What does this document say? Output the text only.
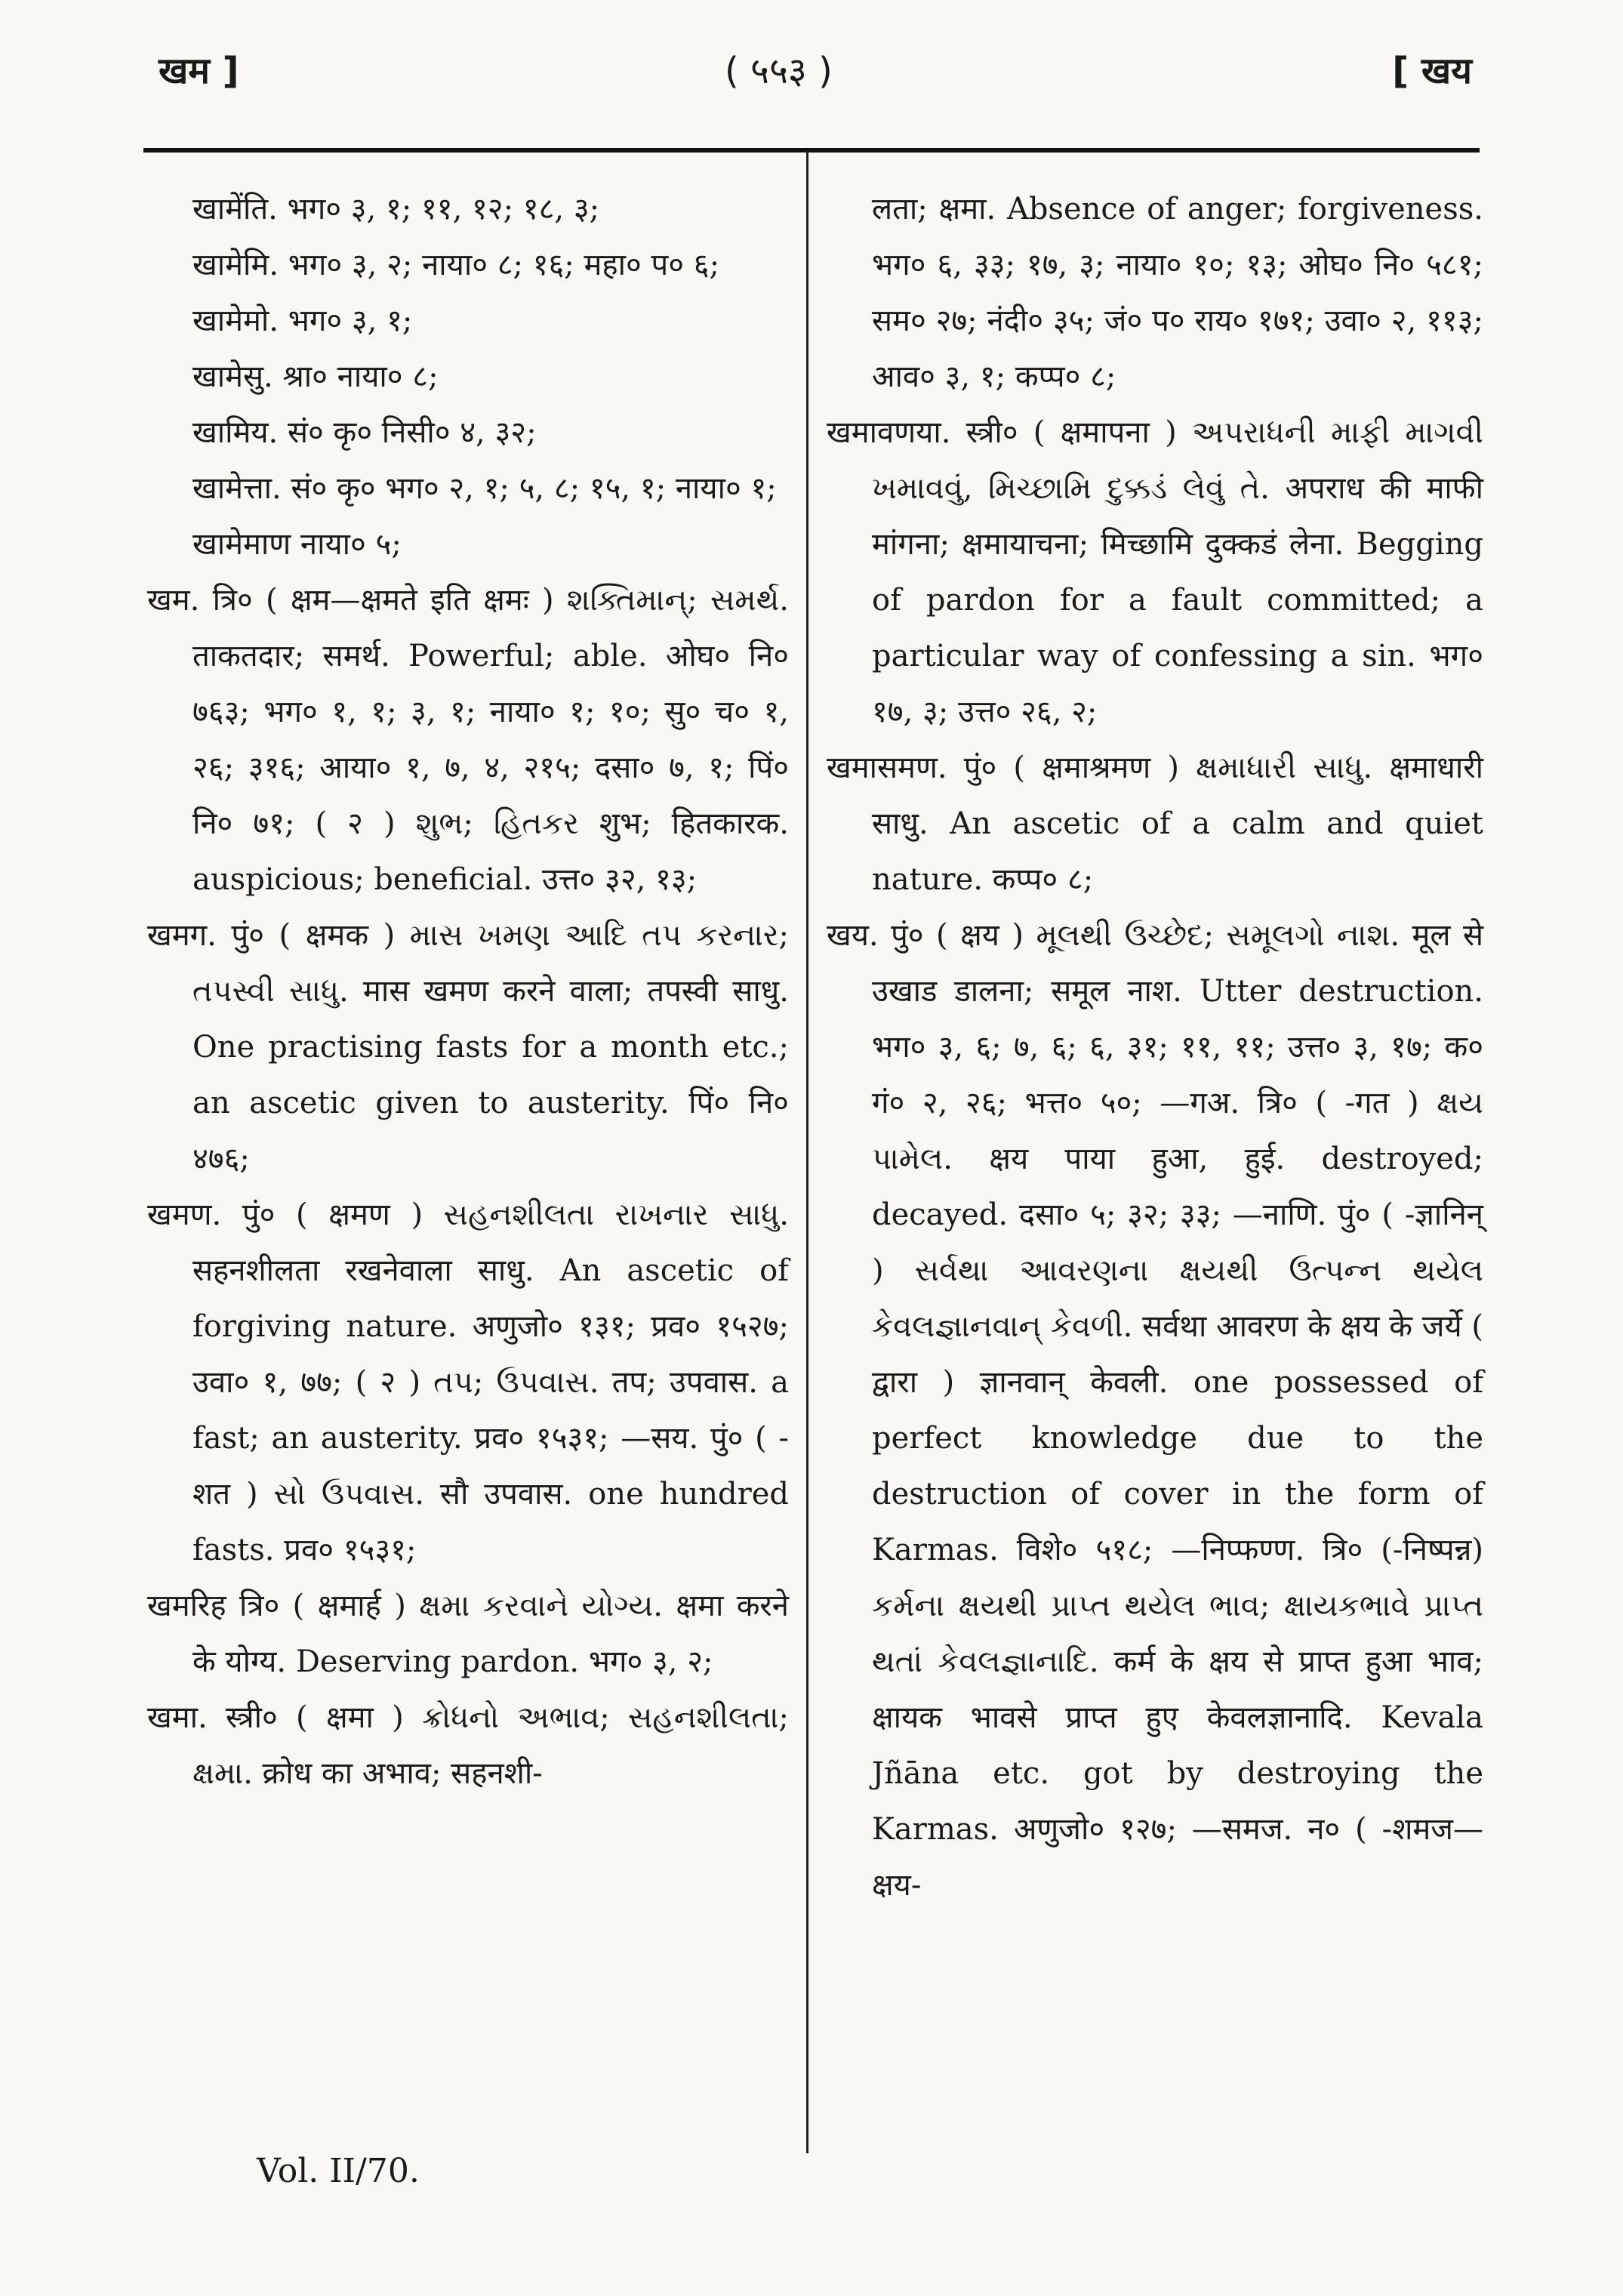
खम ]	( ५५३ )	[ खय
खामेंति. भग० ३, १; ११, १२; १८, ३;
खामेमि. भग० ३, २; नाया० ८; १६; महा० प० ६;
खामेमो. भग० ३, १;
खामेसु. श्रा० नाया० ८;
खामिय. सं० कृ० निसी० ४, ३२;
खामेत्ता. सं० कृ० भग० २, १; ५, ८; १५, १; नाया० १;
खामेमाण नाया० ५;
खम. त्रि० ( क्षम—क्षमते इति क्षमः ) શક્તિમાન્; સમર્થ. ताकतदार; समर्थ. Powerful; able. ओघ० नि० ७६३; भग० १, १; ३, १; नाया० १; १०; सु० च० १, २६; ३१६; आया० १, ७, ४, २१५; दसा० ७, १; पिं० नि० ७१; ( २ ) શુભ; હિતકર शुभ; हितकारक. auspicious; beneficial. उत्त० ३२, १३;
खमग. पुं० ( क्षमक ) માસ ખમણ આદિ તપ કરનાર; તપસ્વી સાધુ. मास खमण करने वाला; तपस्वी साधु. One practising fasts for a month etc.; an ascetic given to austerity. पिं० नि० ४७६;
खमण. पुं० ( क्षमण ) સહનશીલતા રાખનાર સાધુ. सहनशीलता रखनेवाला साधु. An ascetic of forgiving nature. अणुजो० १३१; प्रव० १५२७; उवा० १, ७७; ( २ ) તપ; ઉપવાસ. तप; उपवास. a fast; an austerity. प्रव० १५३१; —सय. पुं० ( -शत ) સો ઉપવાસ. सौ उपवास. one hundred fasts. प्रव० १५३१;
खमरिह त्रि० ( क्षमार्ह ) ક્ષમા કરવાને યોગ્ય. क्षमा करने के योग्य. Deserving pardon. भग० ३, २;
खमा. स्त्री० ( क्षमा ) ક્રોધનો અભાવ; સહનશીલતા; ક્ષમા. क्रोध का अभाव; सहनशी-
लता; क्षमा. Absence of anger; forgiveness. भग० ६, ३३; १७, ३; नाया० १०; १३; ओघ० नि० ५८१; सम० २७; नंदी० ३५; जं० प० राय० १७१; उवा० २, ११३; आव० ३, १; कप्प० ८;
खमावणया. स्त्री० ( क्षमापना ) અપરાધની માફી માગવી ખમાવવું, મિચ્છામિ દુક્કડં લેવું તે. अपराध की माफी मांगना; क्षमायाचना; मिच्छामि दुक्कडं लेना. Begging of pardon for a fault committed; a particular way of confessing a sin. भग० १७, ३; उत्त० २६, २;
खमासमण. पुं० ( क्षमाश्रमण ) ક્ષમાધારી સાધુ. क्षमाधारी साधु. An ascetic of a calm and quiet nature. कप्प० ८;
खय. पुं० ( क्षय ) મૂલથી ઉચ્છેદ; સમૂલગો નાશ. मूल से उखाड डालना; समूल नाश. Utter destruction. भग० ३, ६; ७, ६; ६, ३१; ११, ११; उत्त० ३, १७; क० गं० २, २६; भत्त० ५०; —गअ. त्रि० ( -गत ) ક્ષય પામેલ. क्षय पाया हुआ, हुई. destroyed; decayed. दसा० ५; ३२; ३३; —नाणि. पुं० ( -ज्ञानिन् ) સર્વથા આવરણના ક્ષયથી ઉત્પન્ન થયેલ કેવલજ્ઞાનવાન્ કેવળી. सर्वथा आवरण के क्षय के जर्ये ( द्वारा ) ज्ञानवान् केवली. one possessed of perfect knowledge due to the destruction of cover in the form of Karmas. विशे० ५१८; —निप्फण्ण. त्रि० (-निष्पन्न) કર્મના ક્ષયથી પ્રાપ્ત થયેલ ભાવ; ક્ષાયકભાવે પ્રાપ્ત થતાં કેવલજ્ઞાનાદિ. कर्म के क्षय से प्राप्त हुआ भाव; क्षायक भावसे प्राप्त हुए केवलज्ञानादि. Kevala Jñāna etc. got by destroying the Karmas. अणुजो० १२७; —समज. न० ( -शमज—क्षय-
Vol. II/70.
